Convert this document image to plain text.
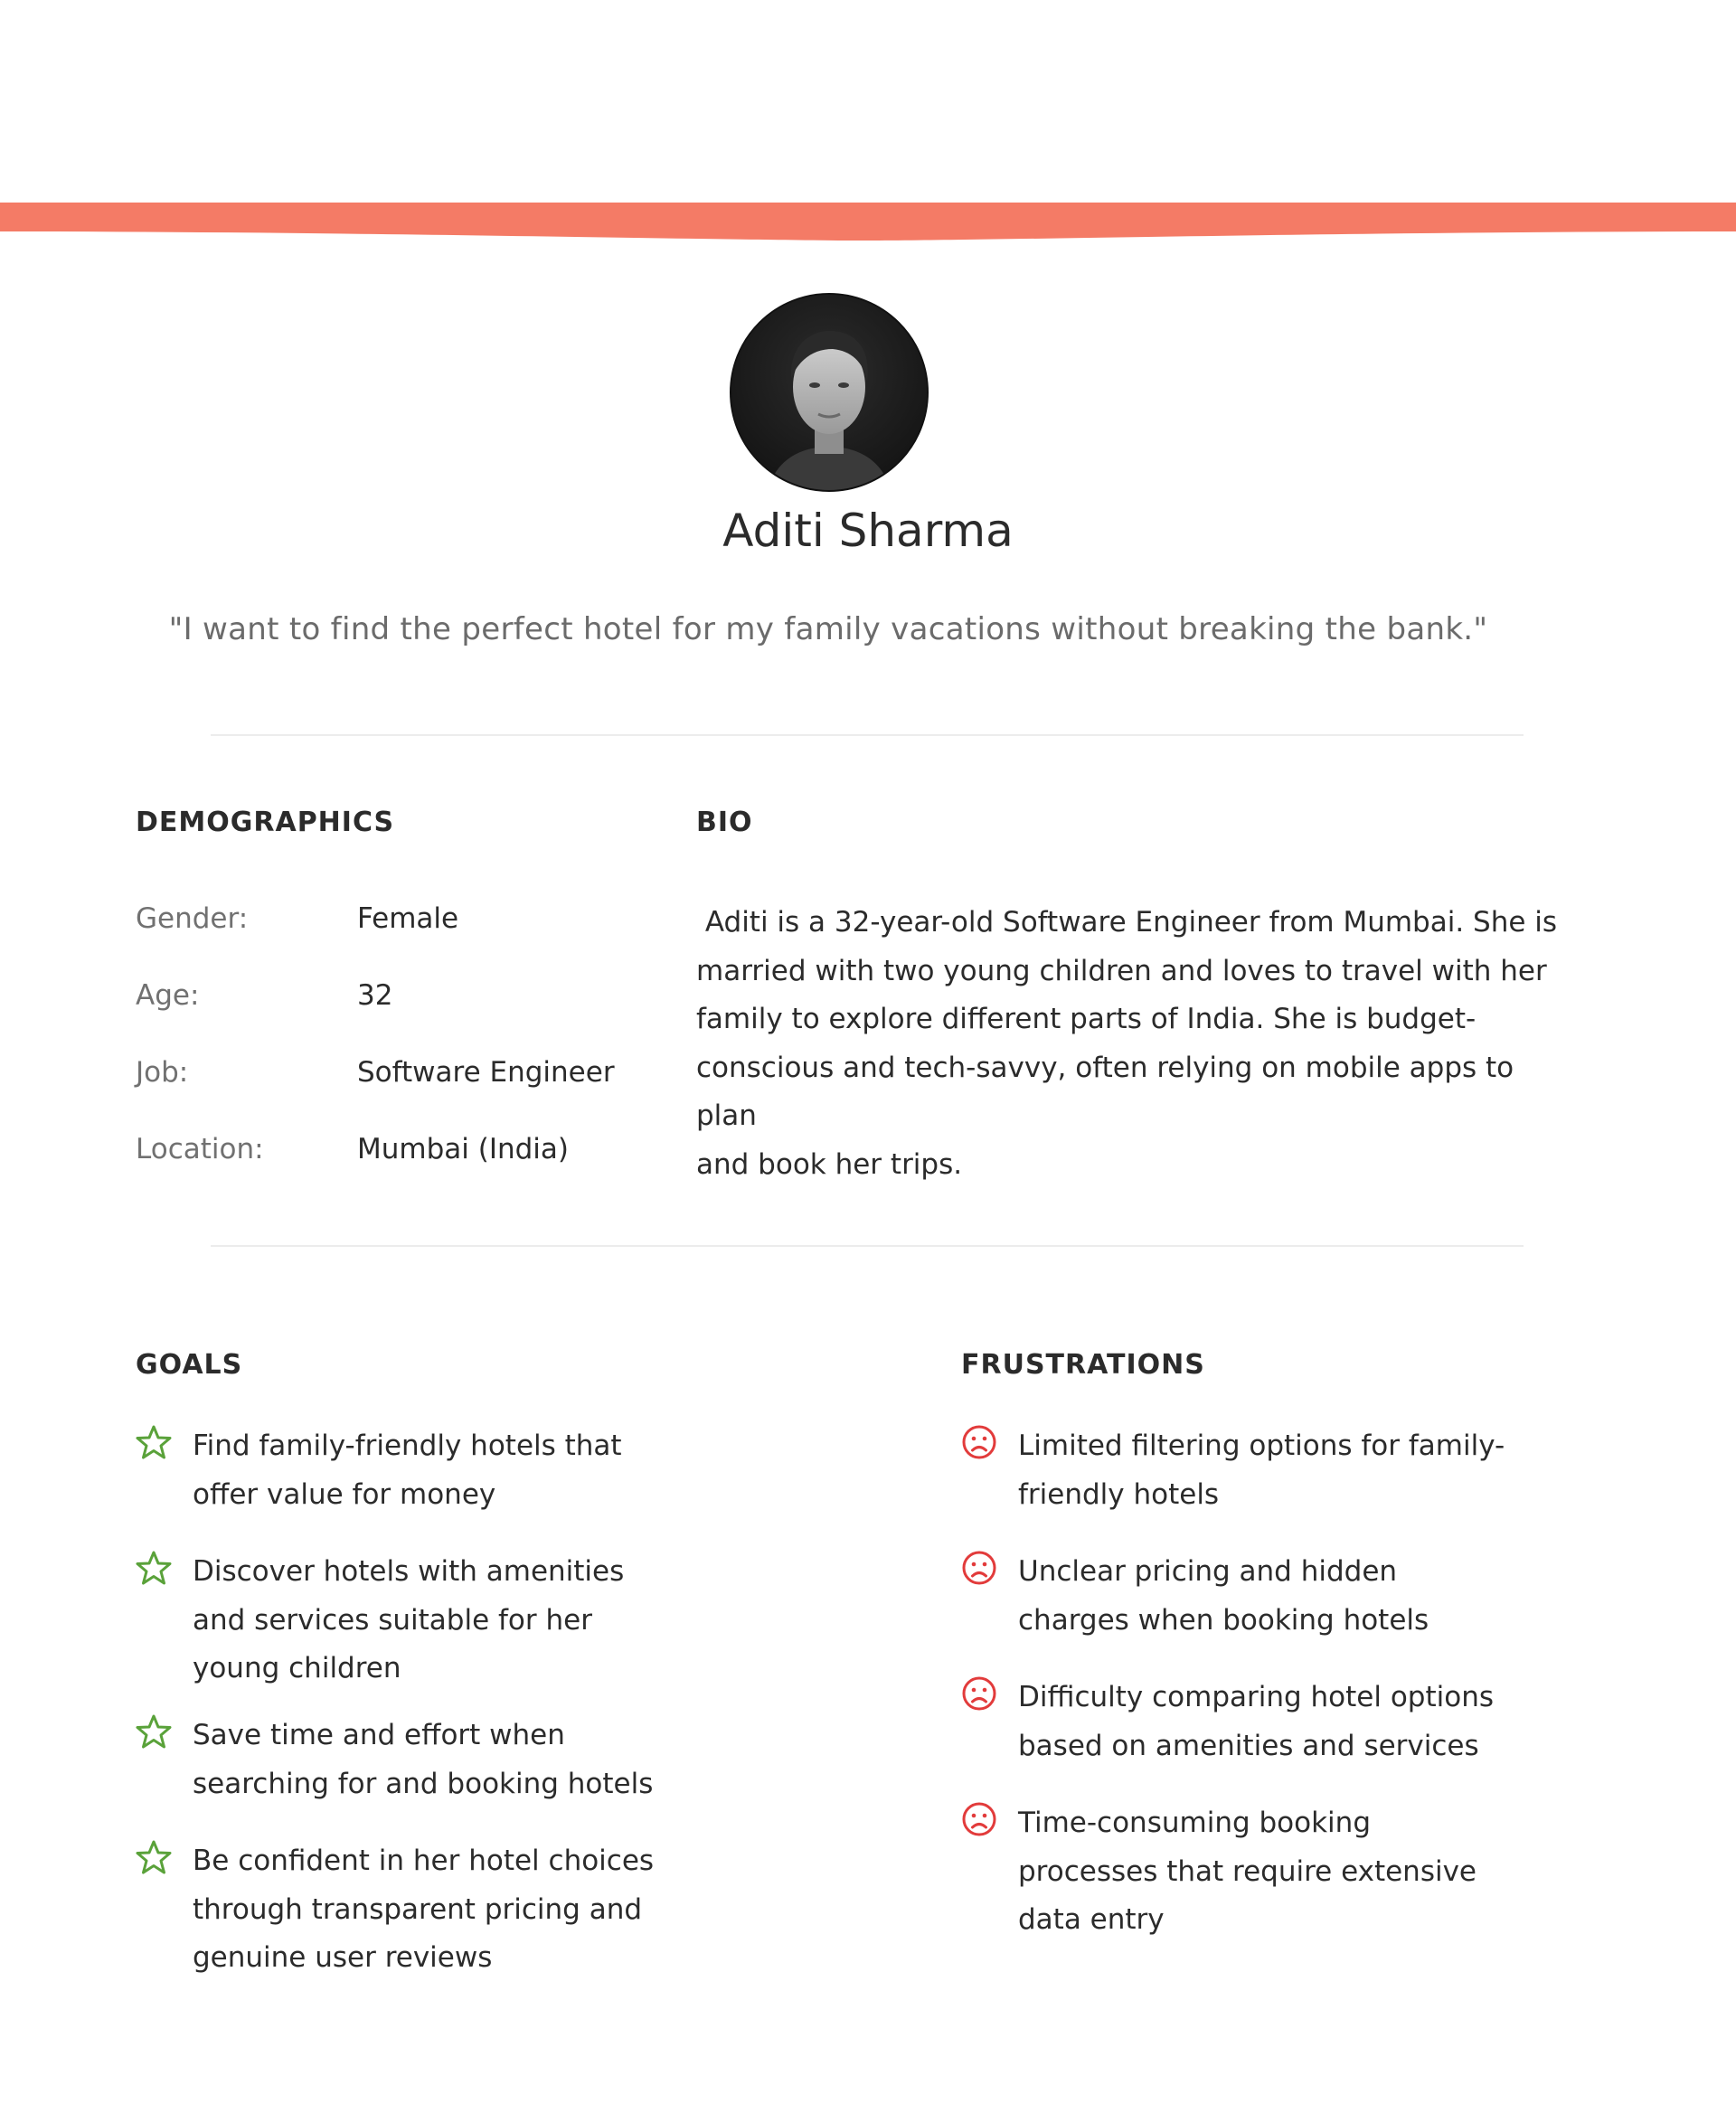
Aditi Sharma
"I want to find the perfect hotel for my family vacations without breaking the bank."
DEMOGRAPHICS	BIO
Gender:	Female
Age:	32
Job:	Software Engineer
Location:	Mumbai (India)
Aditi is a 32-year-old Software Engineer from Mumbai. She is
married with two young children and loves to travel with her
family to explore different parts of India. She is budget-
conscious and tech-savvy, often relying on mobile apps to plan
and book her trips.
GOALS	FRUSTRATIONS
Find family-friendly hotels that offer value for money
Discover hotels with amenities and services suitable for her young children
Save time and effort when searching for and booking hotels
Be confident in her hotel choices through transparent pricing and genuine user reviews
Limited filtering options for family-friendly hotels
Unclear pricing and hidden charges when booking hotels
Difficulty comparing hotel options based on amenities and services
Time-consuming booking processes that require extensive data entry
